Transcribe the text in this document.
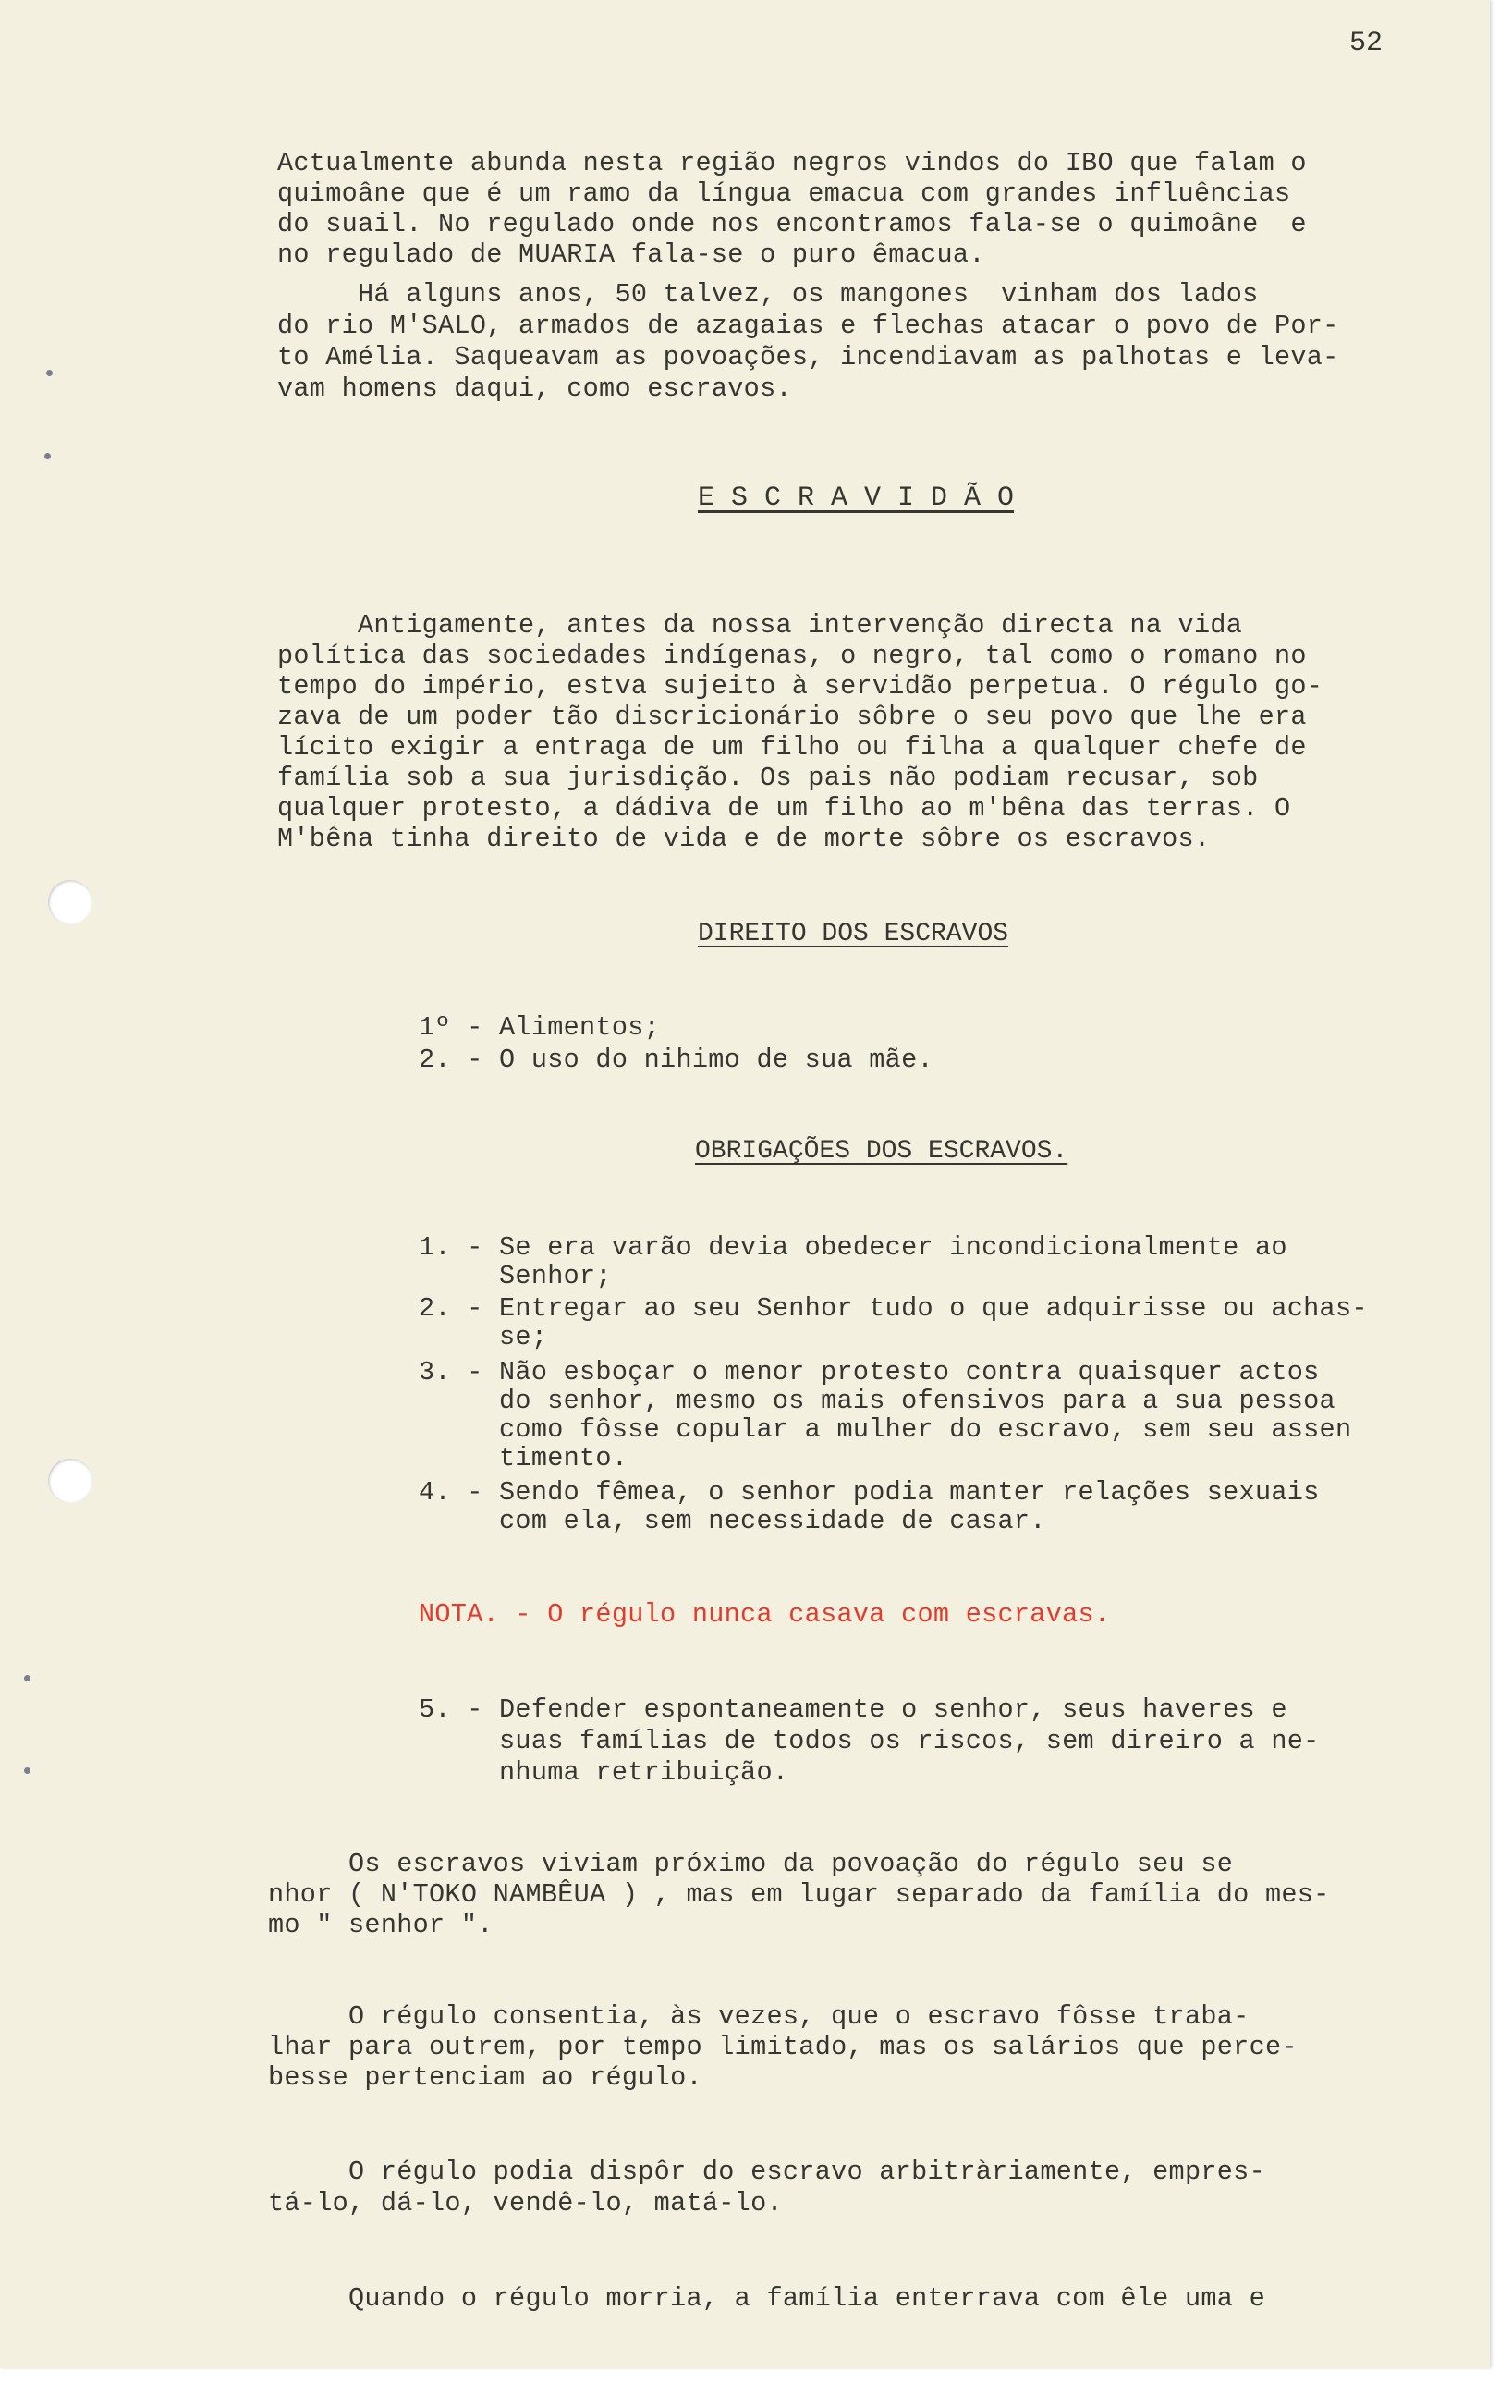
52

Actualmente abunda nesta região negros vindos do IBO que falam o

quimoâne que é um ramo da língua emacua com grandes influências

do suail. No regulado onde nos encontramos fala-se o quimoâne  e

no regulado de MUARIA fala-se o puro êmacua.

Há alguns anos, 50 talvez, os mangones  vinham dos lados

do rio M'SALO, armados de azagaias e flechas atacar o povo de Por-

to Amélia. Saqueavam as povoações, incendiavam as palhotas e leva-

vam homens daqui, como escravos.

E S C R A V I D Ã O

Antigamente, antes da nossa intervenção directa na vida

política das sociedades indígenas, o negro, tal como o romano no

tempo do império, estva sujeito à servidão perpetua. O régulo go-

zava de um poder tão discricionário sôbre o seu povo que lhe era

lícito exigir a entraga de um filho ou filha a qualquer chefe de

família sob a sua jurisdição. Os pais não podiam recusar, sob

qualquer protesto, a dádiva de um filho ao m'bêna das terras. O

M'bêna tinha direito de vida e de morte sôbre os escravos.

DIREITO DOS ESCRAVOS

1º - Alimentos;

2. - O uso do nihimo de sua mãe.

OBRIGAÇÕES DOS ESCRAVOS.

1. - Se era varão devia obedecer incondicionalmente ao

Senhor;

2. - Entregar ao seu Senhor tudo o que adquirisse ou achas-

se;

3. - Não esboçar o menor protesto contra quaisquer actos

do senhor, mesmo os mais ofensivos para a sua pessoa

como fôsse copular a mulher do escravo, sem seu assen

timento.

4. - Sendo fêmea, o senhor podia manter relações sexuais

com ela, sem necessidade de casar.

NOTA. - O régulo nunca casava com escravas.

5. - Defender espontaneamente o senhor, seus haveres e

suas famílias de todos os riscos, sem direiro a ne-

nhuma retribuição.

Os escravos viviam próximo da povoação do régulo seu se

nhor ( N'TOKO NAMBÊUA ) , mas em lugar separado da família do mes-

mo " senhor ".

O régulo consentia, às vezes, que o escravo fôsse traba-

lhar para outrem, por tempo limitado, mas os salários que perce-

besse pertenciam ao régulo.

O régulo podia dispôr do escravo arbitràriamente, empres-

tá-lo, dá-lo, vendê-lo, matá-lo.

Quando o régulo morria, a família enterrava com êle uma e
